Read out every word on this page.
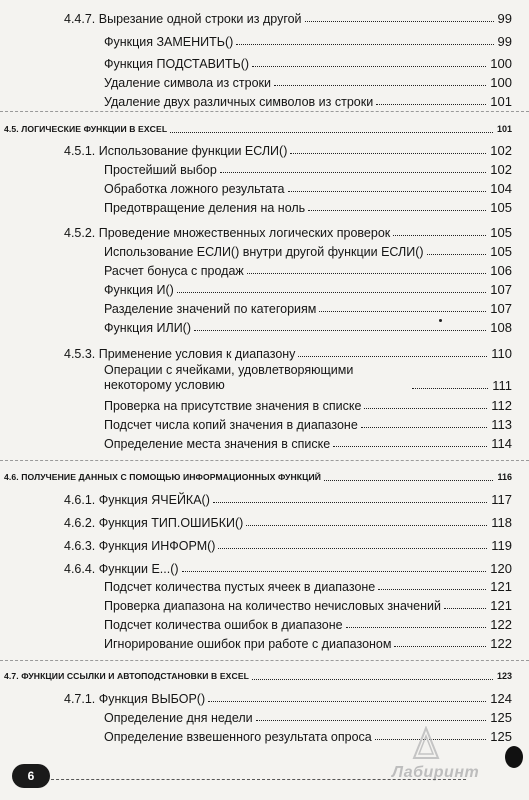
4.4.7. Вырезание одной строки из другой	99
Функция ЗАМЕНИТЬ()	99
Функция ПОДСТАВИТЬ()	100
Удаление символа из строки	100
Удаление двух различных символов из строки	101
4.5. ЛОГИЧЕСКИЕ ФУНКЦИИ В EXCEL	101
4.5.1. Использование функции ЕСЛИ()	102
Простейший выбор	102
Обработка ложного результата	104
Предотвращение деления на ноль	105
4.5.2. Проведение множественных логических проверок	105
Использование ЕСЛИ() внутри другой функции ЕСЛИ()	105
Расчет бонуса с продаж	106
Функция И()	107
Разделение значений по категориям	107
Функция ИЛИ()	108
4.5.3. Применение условия к диапазону	110
Операции с ячейками, удовлетворяющими некоторому условию	111
Проверка на присутствие значения в списке	112
Подсчет числа копий значения в диапазоне	113
Определение места значения в списке	114
4.6. ПОЛУЧЕНИЕ ДАННЫХ С ПОМОЩЬЮ ИНФОРМАЦИОННЫХ ФУНКЦИЙ	116
4.6.1. Функция ЯЧЕЙКА()	117
4.6.2. Функция ТИП.ОШИБКИ()	118
4.6.3. Функция ИНФОРМ()	119
4.6.4. Функции Е...()	120
Подсчет количества пустых ячеек в диапазоне	121
Проверка диапазона на количество нечисловых значений	121
Подсчет количества ошибок в диапазоне	122
Игнорирование ошибок при работе с диапазоном	122
4.7. ФУНКЦИИ ССЫЛКИ И АВТОПОДСТАНОВКИ В EXCEL	123
4.7.1. Функция ВЫБОР()	124
Определение дня недели	125
Определение взвешенного результата опроса	125
Лабиринт
6
